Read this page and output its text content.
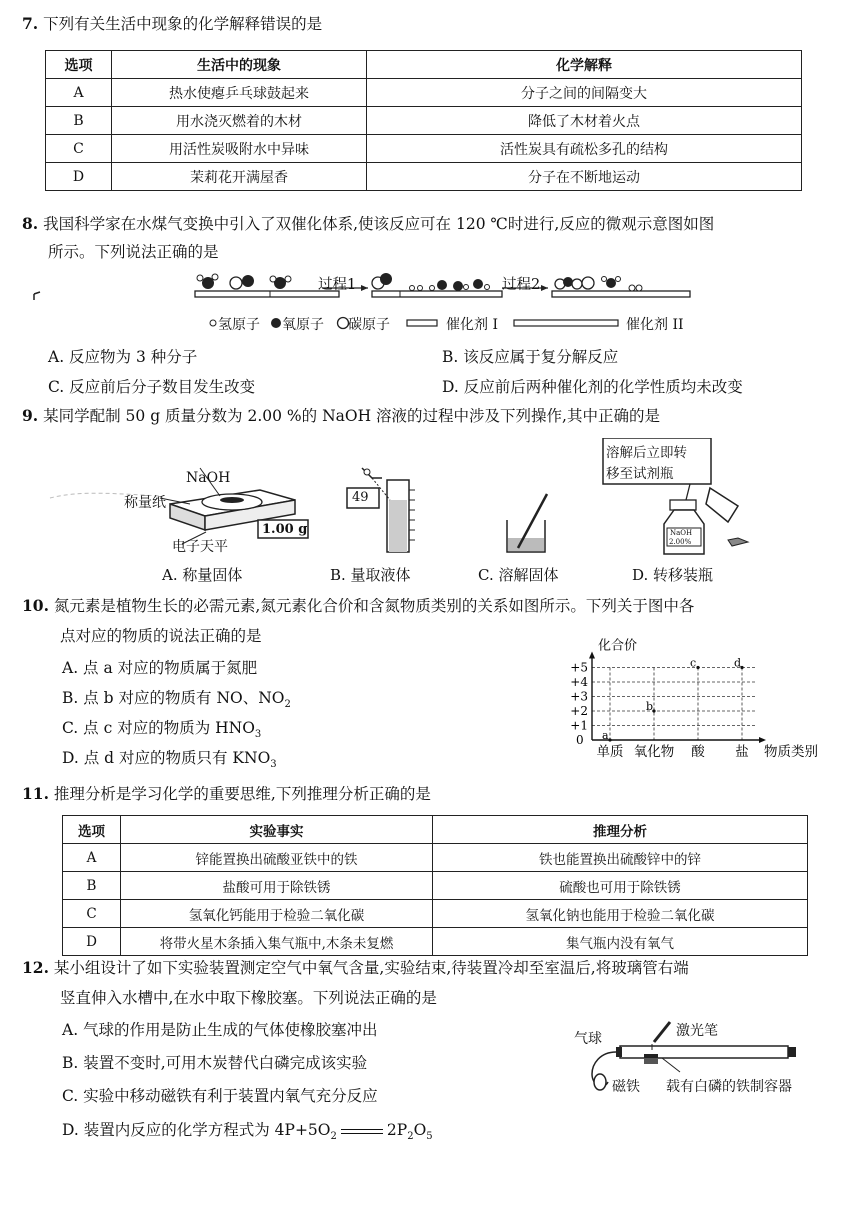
7. 下列有关生活中现象的化学解释错误的是
选项	生活中的现象	化学解释
A	热水使瘪乒乓球鼓起来	分子之间的间隔变大
B	用水浇灭燃着的木材	降低了木材着火点
C	用活性炭吸附水中异味	活性炭具有疏松多孔的结构
D	茉莉花开满屋香	分子在不断地运动
8. 我国科学家在水煤气变换中引入了双催化体系,使该反应可在 120 ℃时进行,反应的微观示意图如图
所示。下列说法正确的是
过程1	过程2
氢原子 氧原子 碳原子	催化剂 I	催化剂 II
A. 反应物为 3 种分子	B. 该反应属于复分解反应
C. 反应前后分子数目发生改变	D. 反应前后两种催化剂的化学性质均未改变
9. 某同学配制 50 g 质量分数为 2.00 %的 NaOH 溶液的过程中涉及下列操作,其中正确的是
NaOH
称量纸
1.00 g
电子天平
49
溶解后立即转
移至试剂瓶
NaOH
2.00%
A. 称量固体	B. 量取液体	C. 溶解固体	D. 转移装瓶
10. 氮元素是植物生长的必需元素,氮元素化合价和含氮物质类别的关系如图所示。下列关于图中各
点对应的物质的说法正确的是
A. 点 a 对应的物质属于氮肥
B. 点 b 对应的物质有 NO、$NO_2$
C. 点 c 对应的物质为 $HNO_3$
D. 点 d 对应的物质只有 $KNO_3$
化合价
+1
+2
+3
+4
+5
0
单质 氧化物 酸 盐 物质类别
a
b
c	d
11. 推理分析是学习化学的重要思维,下列推理分析正确的是
选项	实验事实	推理分析
A	锌能置换出硫酸亚铁中的铁	铁也能置换出硫酸锌中的锌
B	盐酸可用于除铁锈	硫酸也可用于除铁锈
C	氢氧化钙能用于检验二氧化碳	氢氧化钠也能用于检验二氧化碳
D	将带火星木条插入集气瓶中,木条未复燃	集气瓶内没有氧气
12. 某小组设计了如下实验装置测定空气中氧气含量,实验结束,待装置冷却至室温后,将玻璃管右端
竖直伸入水槽中,在水中取下橡胶塞。下列说法正确的是
A. 气球的作用是防止生成的气体使橡胶塞冲出
B. 装置不变时,可用木炭替代白磷完成该实验
C. 实验中移动磁铁有利于装置内氧气充分反应
D. 装置内反应的化学方程式为 $4P+5O_2$	$2P_2O_5$
气球	激光笔
磁铁 载有白磷的铁制容器
